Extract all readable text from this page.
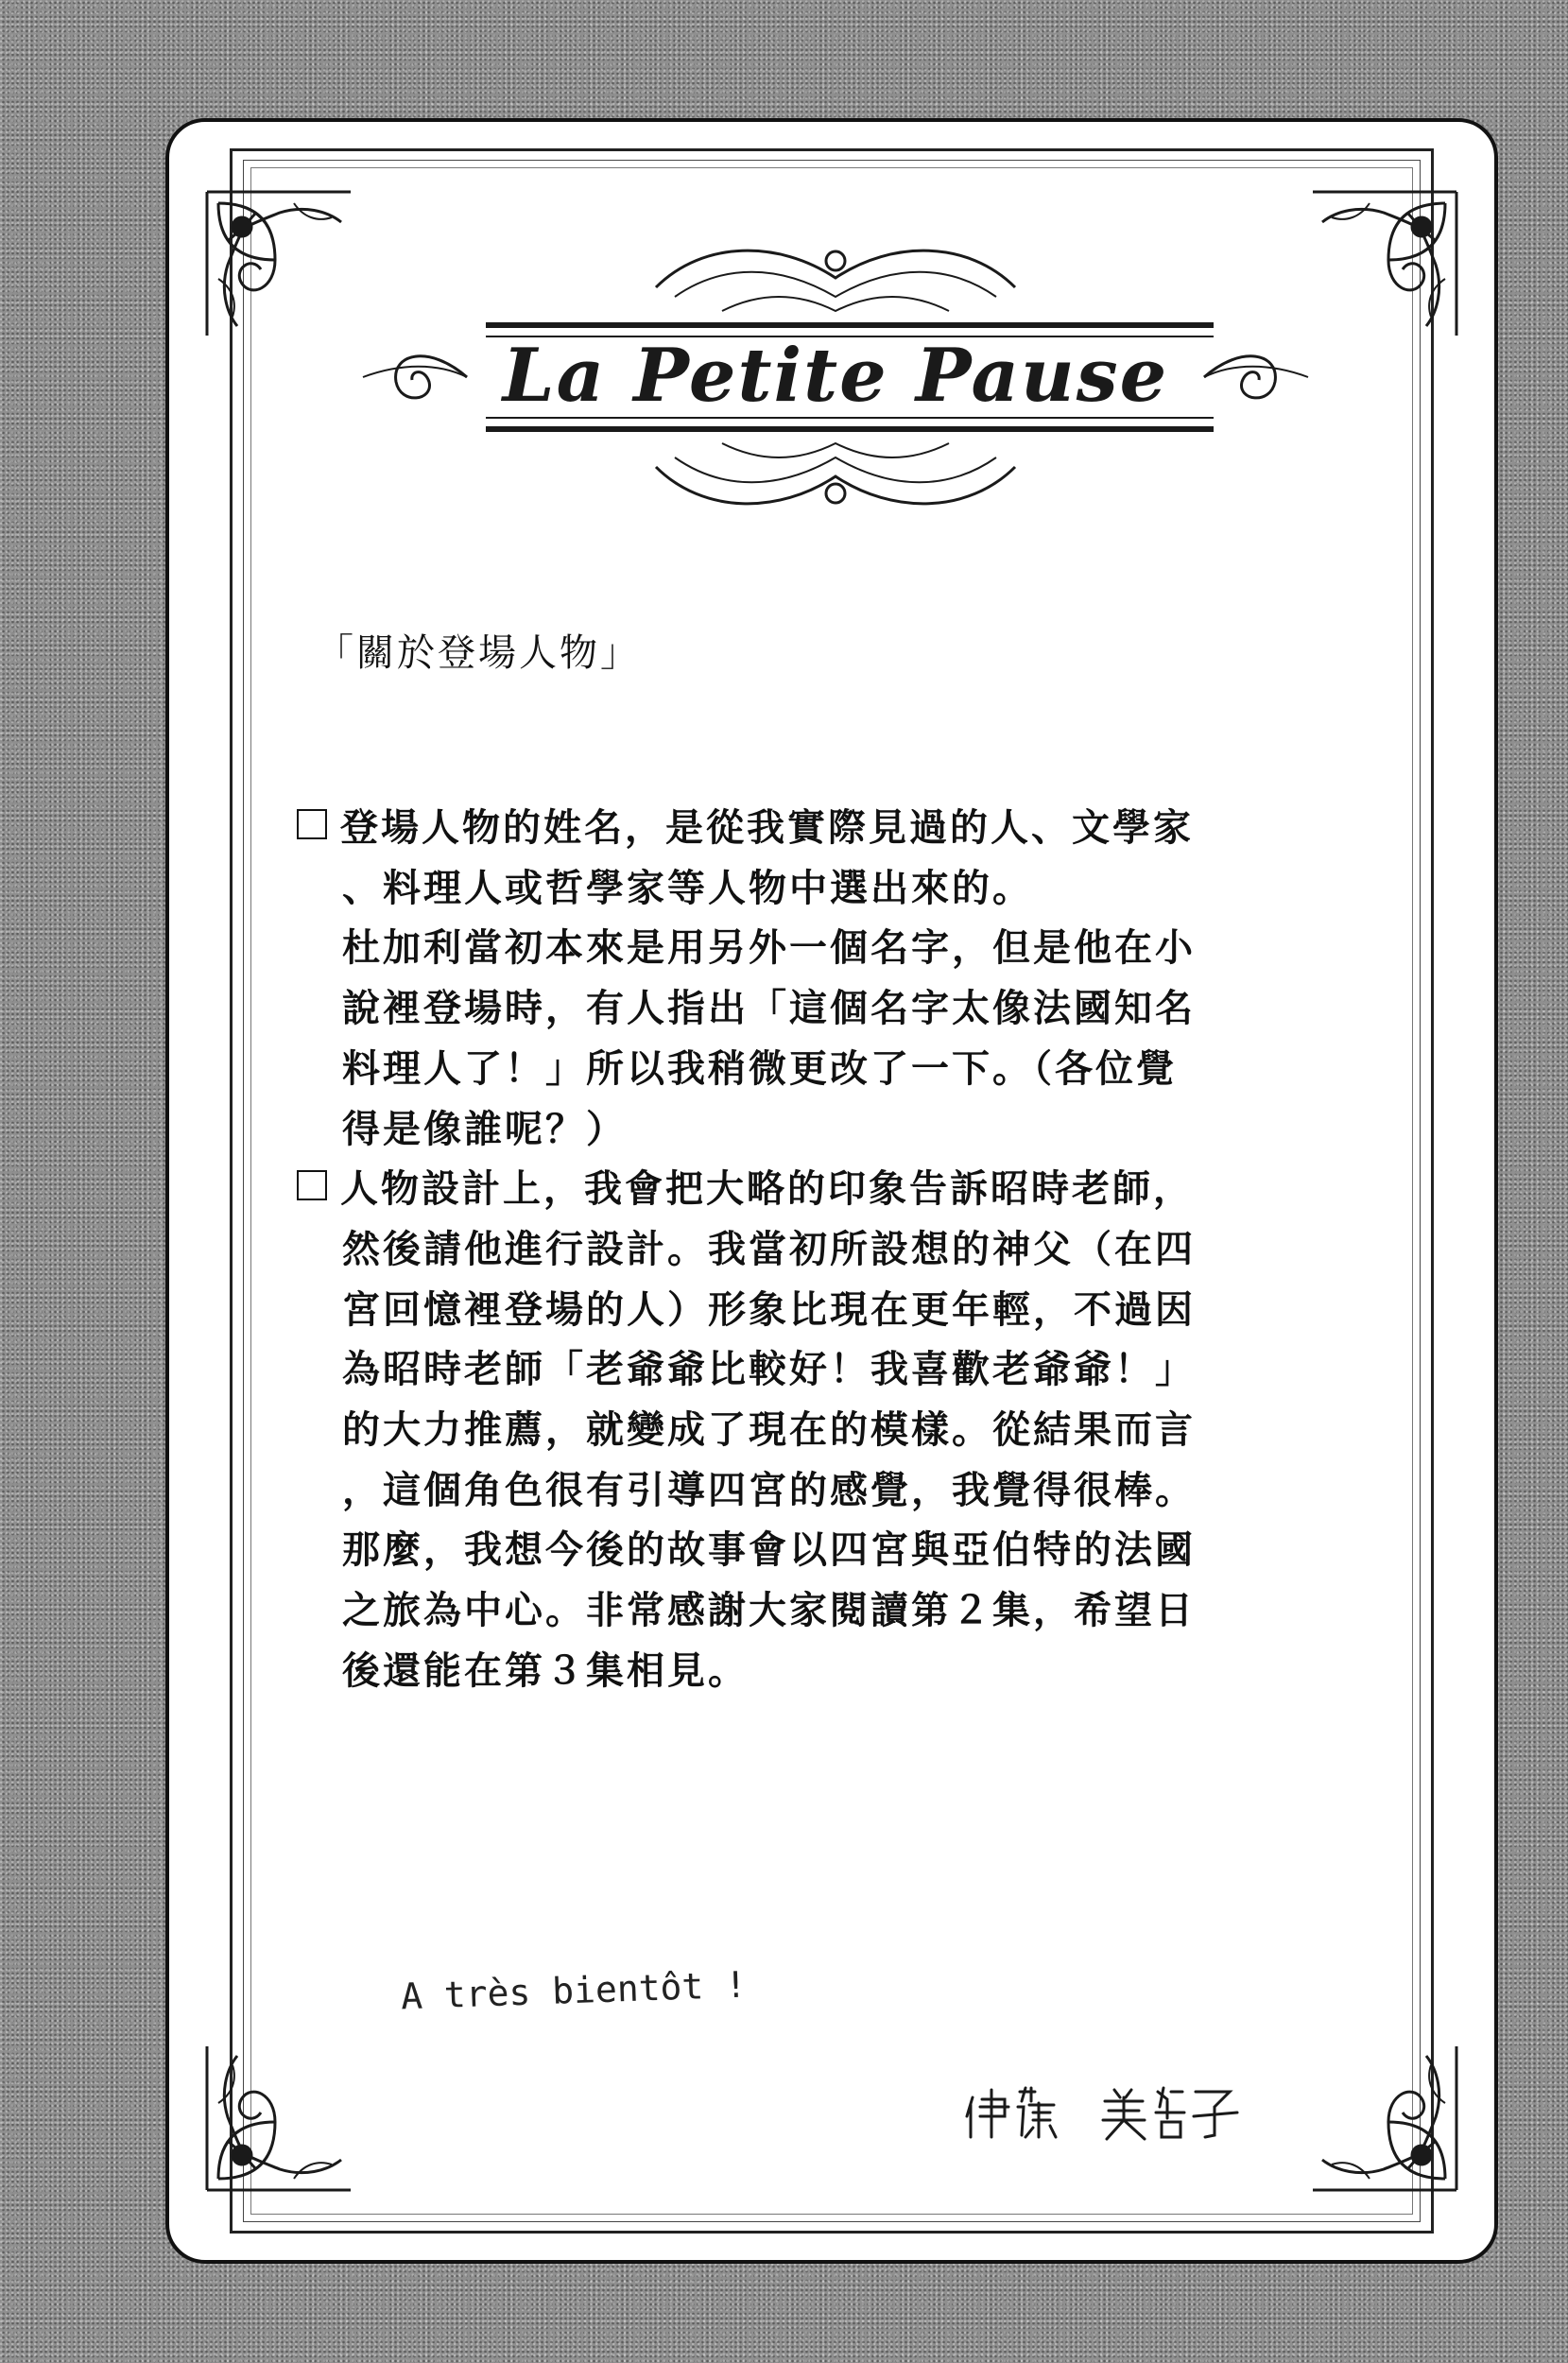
La Petite Pause
「關於登場人物」
登場人物的姓名，是從我實際見過的人、文學家
、料理人或哲學家等人物中選出來的。
杜加利當初本來是用另外一個名字，但是他在小
說裡登場時，有人指出「這個名字太像法國知名
料理人了！」所以我稍微更改了一下。（各位覺
得是像誰呢？）
人物設計上，我會把大略的印象告訴昭時老師，
然後請他進行設計。我當初所設想的神父（在四
宮回憶裡登場的人）形象比現在更年輕，不過因
為昭時老師「老爺爺比較好！我喜歡老爺爺！」
的大力推薦，就變成了現在的模樣。從結果而言
，這個角色很有引導四宮的感覺，我覺得很棒。
那麼，我想今後的故事會以四宮與亞伯特的法國
之旅為中心。非常感謝大家閱讀第２集，希望日
後還能在第３集相見。
A très bientôt !
